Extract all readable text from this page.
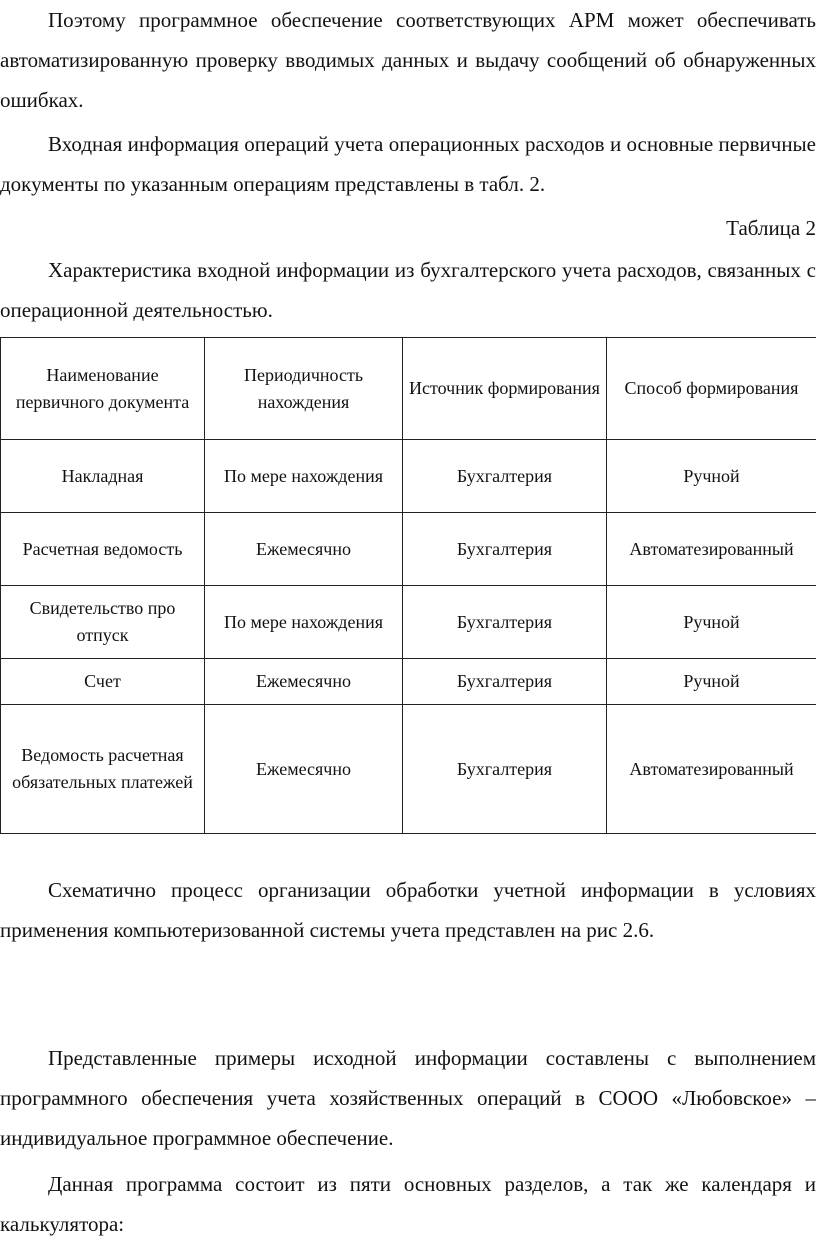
Поэтому программное обеспечение соответствующих АРМ может обеспечивать автоматизированную проверку вводимых данных и выдачу сообщений об обнаруженных ошибках.

Входная информация операций учета операционных расходов и основные первичные документы по указанным операциям представлены в табл. 2.

Таблица 2

Характеристика входной информации из бухгалтерского учета расходов, связанных с операционной деятельностью.

Наименование первичного документа	Периодичность нахождения	Источник формирования	Способ формирования
Накладная	По мере нахождения	Бухгалтерия	Ручной
Расчетная ведомость	Ежемесячно	Бухгалтерия	Автоматезированный
Свидетельство про отпуск	По мере нахождения	Бухгалтерия	Ручной
Счет	Ежемесячно	Бухгалтерия	Ручной
Ведомость расчетная обязательных платежей	Ежемесячно	Бухгалтерия	Автоматезированный

Схематично процесс организации обработки учетной информации в условиях применения компьютеризованной системы учета представлен на рис 2.6.

Представленные примеры исходной информации составлены с выполнением программного обеспечения учета хозяйственных операций в СООО «Любовское» – индивидуальное программное обеспечение.

Данная программа состоит из пяти основных разделов, а так же календаря и калькулятора:
